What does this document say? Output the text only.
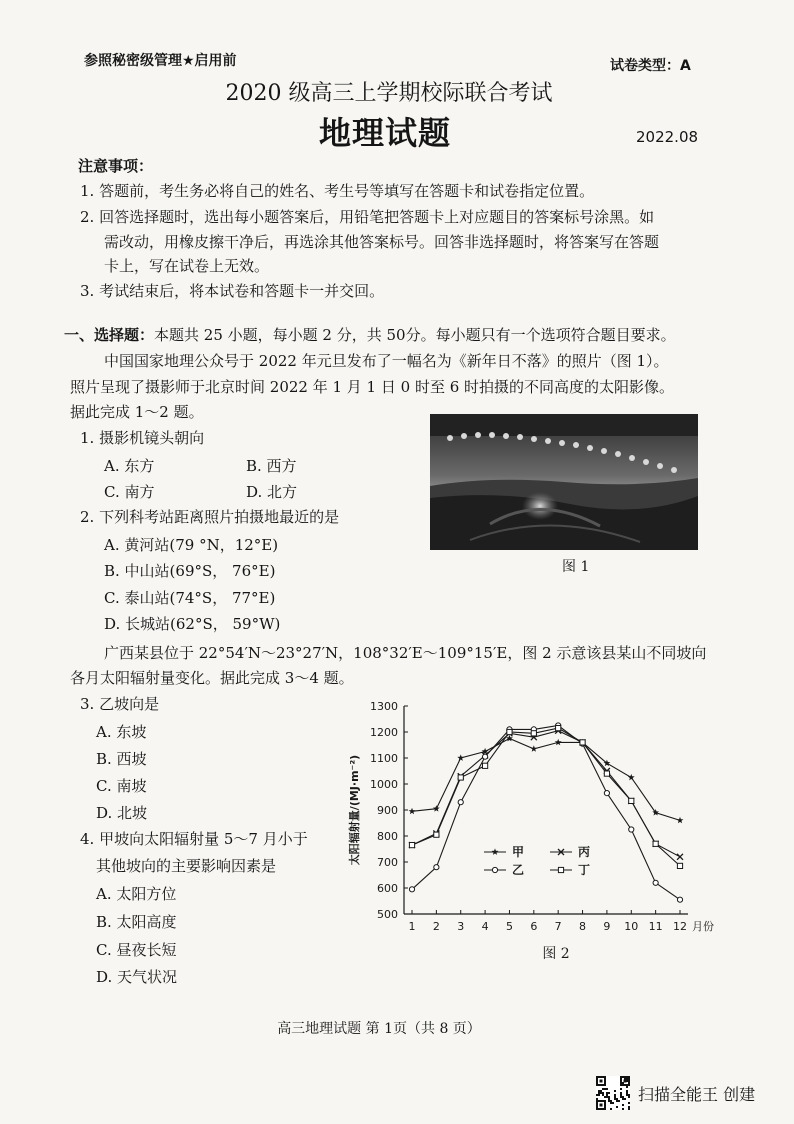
参照秘密级管理★启用前	试卷类型：A
2020 级高三上学期校际联合考试
地理试题	2022.08
注意事项：
1. 答题前，考生务必将自己的姓名、考生号等填写在答题卡和试卷指定位置。
2. 回答选择题时，选出每小题答案后，用铅笔把答题卡上对应题目的答案标号涂黑。如
需改动，用橡皮擦干净后，再选涂其他答案标号。回答非选择题时，将答案写在答题
卡上，写在试卷上无效。
3. 考试结束后，将本试卷和答题卡一并交回。
一、选择题：本题共 25 小题，每小题 2 分，共 50分。每小题只有一个选项符合题目要求。
中国国家地理公众号于 2022 年元旦发布了一幅名为《新年日不落》的照片（图 1）。
照片呈现了摄影师于北京时间 2022 年 1 月 1 日 0 时至 6 时拍摄的不同高度的太阳影像。
据此完成 1～2 题。
1. 摄影机镜头朝向
A. 东方	B. 西方
C. 南方	D. 北方
2. 下列科考站距离照片拍摄地最近的是
A. 黄河站(79 °N，12°E)
B. 中山站(69°S， 76°E)
C. 泰山站(74°S， 77°E)
D. 长城站(62°S， 59°W)
图 1
广西某县位于 22°54′N～23°27′N，108°32′E～109°15′E，图 2 示意该县某山不同坡向
各月太阳辐射量变化。据此完成 3～4 题。
3. 乙坡向是
A. 东坡
B. 西坡
C. 南坡
D. 北坡
4. 甲坡向太阳辐射量 5～7 月小于
其他坡向的主要影响因素是
A. 太阳方位
B. 太阳高度
C. 昼夜长短
D. 天气状况
500
600
700
800
900
1000
1100
1200
1300
1 2 3 4 5 6 7 8 9 10 11 12 月份
太阳辐射量/(MJ·m⁻²)
图 2
甲	丙
乙	丁
高三地理试题 第 1页（共 8 页）
扫描全能王 创建
